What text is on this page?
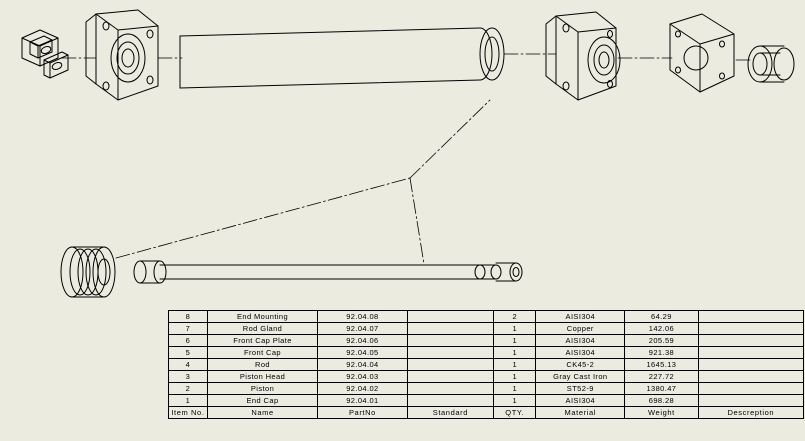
8	End Mounting	92.04.08		2	AISI304	64.29	
7	Rod Gland	92.04.07		1	Copper	142.06	
6	Front Cap Plate	92.04.06		1	AISI304	205.59	
5	Front Cap	92.04.05		1	AISI304	921.38	
4	Rod	92.04.04		1	CK45-2	1645.13	
3	Piston Head	92.04.03		1	Gray Cast Iron	227.72	
2	Piston	92.04.02		1	ST52-9	1380.47	
1	End Cap	92.04.01		1	AISI304	698.28	
Item No.	Name	PartNo	Standard	QTY.	Material	Weight	Descreption
